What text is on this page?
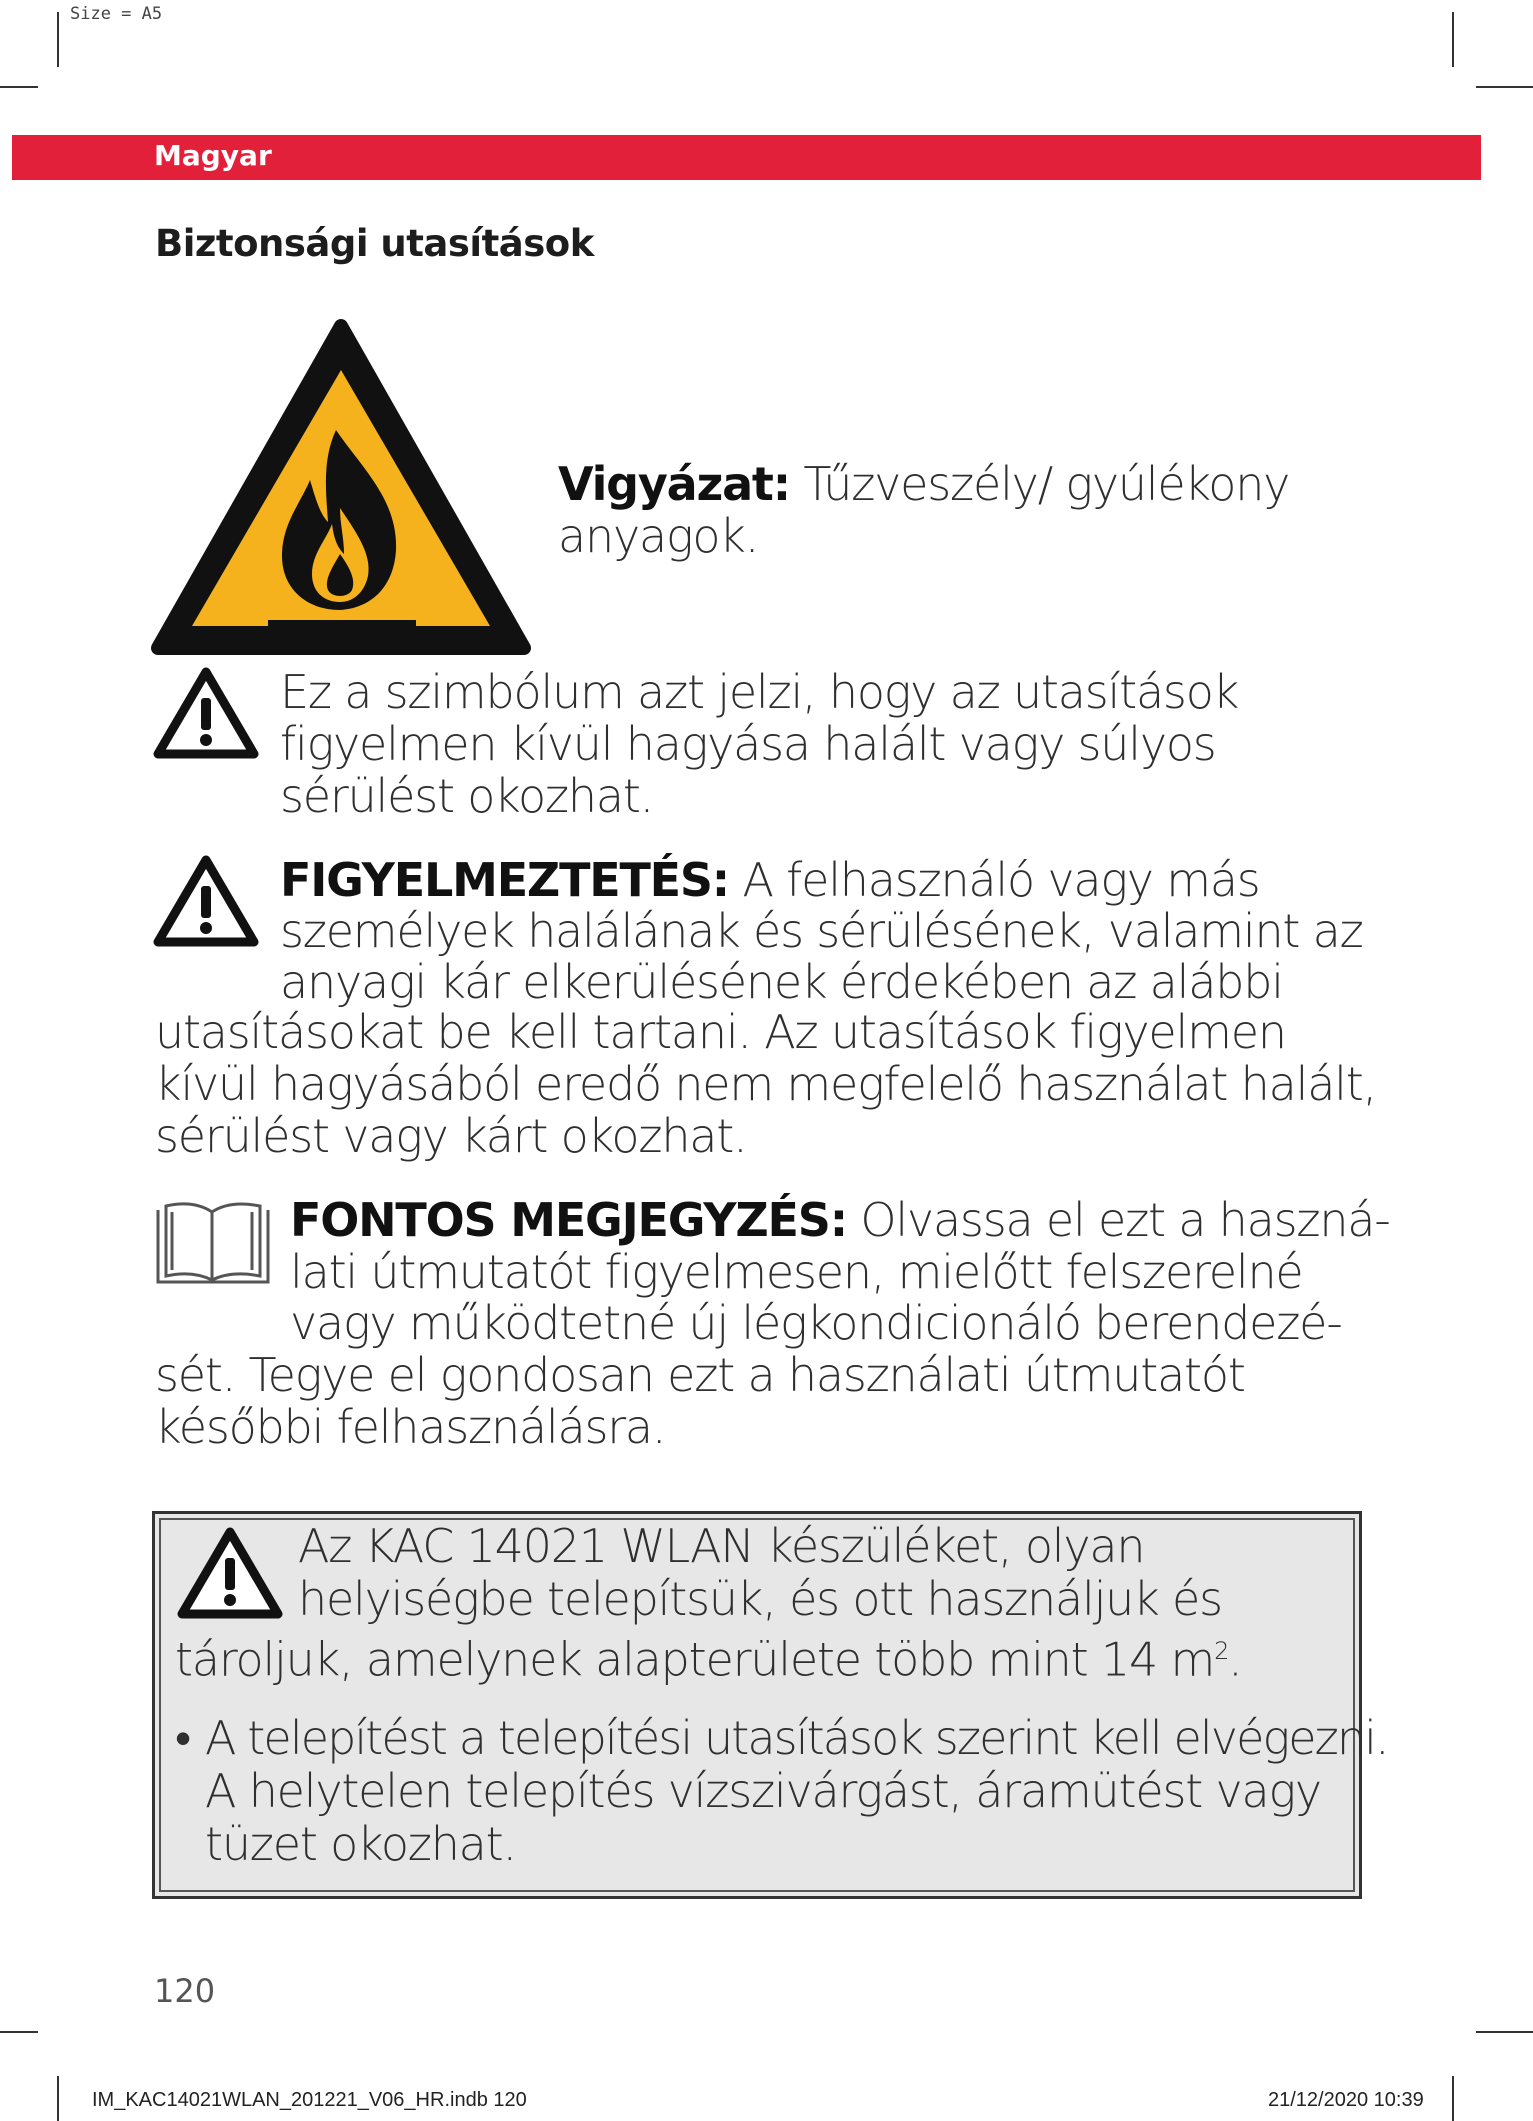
Size = A5
Magyar
Biztonsági utasítások
Vigyázat: Tűzveszély/ gyúlékony
anyagok.
Ez a szimbólum azt jelzi, hogy az utasítások
figyelmen kívül hagyása halált vagy súlyos
sérülést okozhat.
FIGYELMEZTETÉS: A felhasználó vagy más
személyek halálának és sérülésének, valamint az
anyagi kár elkerülésének érdekében az alábbi
utasításokat be kell tartani. Az utasítások figyelmen
kívül hagyásából eredő nem megfelelő használat halált,
sérülést vagy kárt okozhat.
FONTOS MEGJEGYZÉS: Olvassa el ezt a haszná-
lati útmutatót figyelmesen, mielőtt felszerelné
vagy működtetné új légkondicionáló berendezé-
sét. Tegye el gondosan ezt a használati útmutatót
későbbi felhasználásra.
Az KAC 14021 WLAN készüléket, olyan
helyiségbe telepítsük, és ott használjuk és
tároljuk, amelynek alapterülete több mint 14 $m^2$.
• A telepítést a telepítési utasítások szerint kell elvégezni.
A helytelen telepítés vízszivárgást, áramütést vagy
tüzet okozhat.
120
IM_KAC14021WLAN_201221_V06_HR.indb 120	21/12/2020 10:39
